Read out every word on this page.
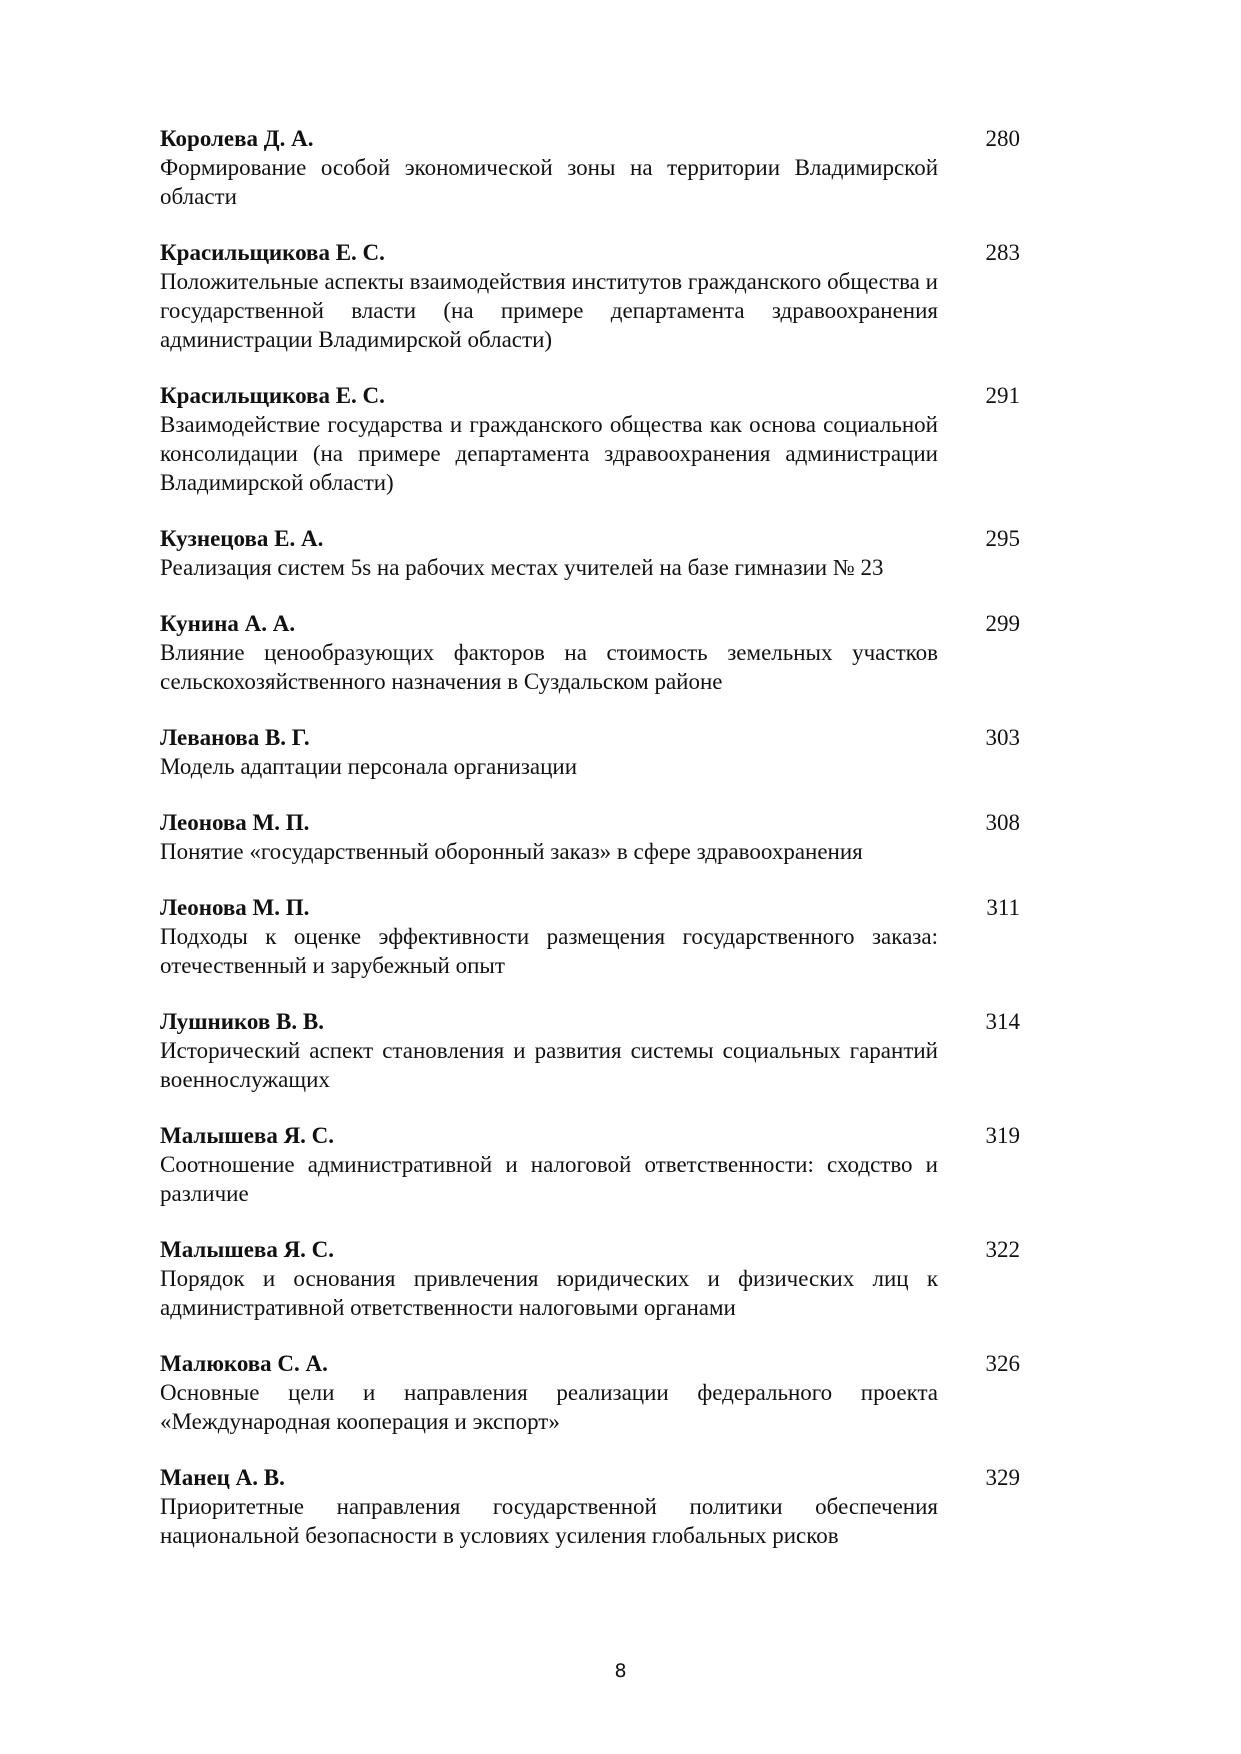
Королева Д. А.
Формирование особой экономической зоны на территории Владимирской области
280
Красильщикова Е. С.
Положительные аспекты взаимодействия институтов гражданского общества и государственной власти (на примере департамента здравоохранения администрации Владимирской области)
283
Красильщикова Е. С.
Взаимодействие государства и гражданского общества как основа социальной консолидации (на примере департамента здравоохранения администрации Владимирской области)
291
Кузнецова Е. А.
Реализация систем 5s на рабочих местах учителей на базе гимназии № 23
295
Кунина А. А.
Влияние ценообразующих факторов на стоимость земельных участков сельскохозяйственного назначения в Суздальском районе
299
Леванова В. Г.
Модель адаптации персонала организации
303
Леонова М. П.
Понятие «государственный оборонный заказ» в сфере здравоохранения
308
Леонова М. П.
Подходы к оценке эффективности размещения государственного заказа: отечественный и зарубежный опыт
311
Лушников В. В.
Исторический аспект становления и развития системы социальных гарантий военнослужащих
314
Малышева Я. С.
Соотношение административной и налоговой ответственности: сходство и различие
319
Малышева Я. С.
Порядок и основания привлечения юридических и физических лиц к административной ответственности налоговыми органами
322
Малюкова С. А.
Основные цели и направления реализации федерального проекта «Международная кооперация и экспорт»
326
Манец А. В.
Приоритетные направления государственной политики обеспечения национальной безопасности в условиях усиления глобальных рисков
329
8
